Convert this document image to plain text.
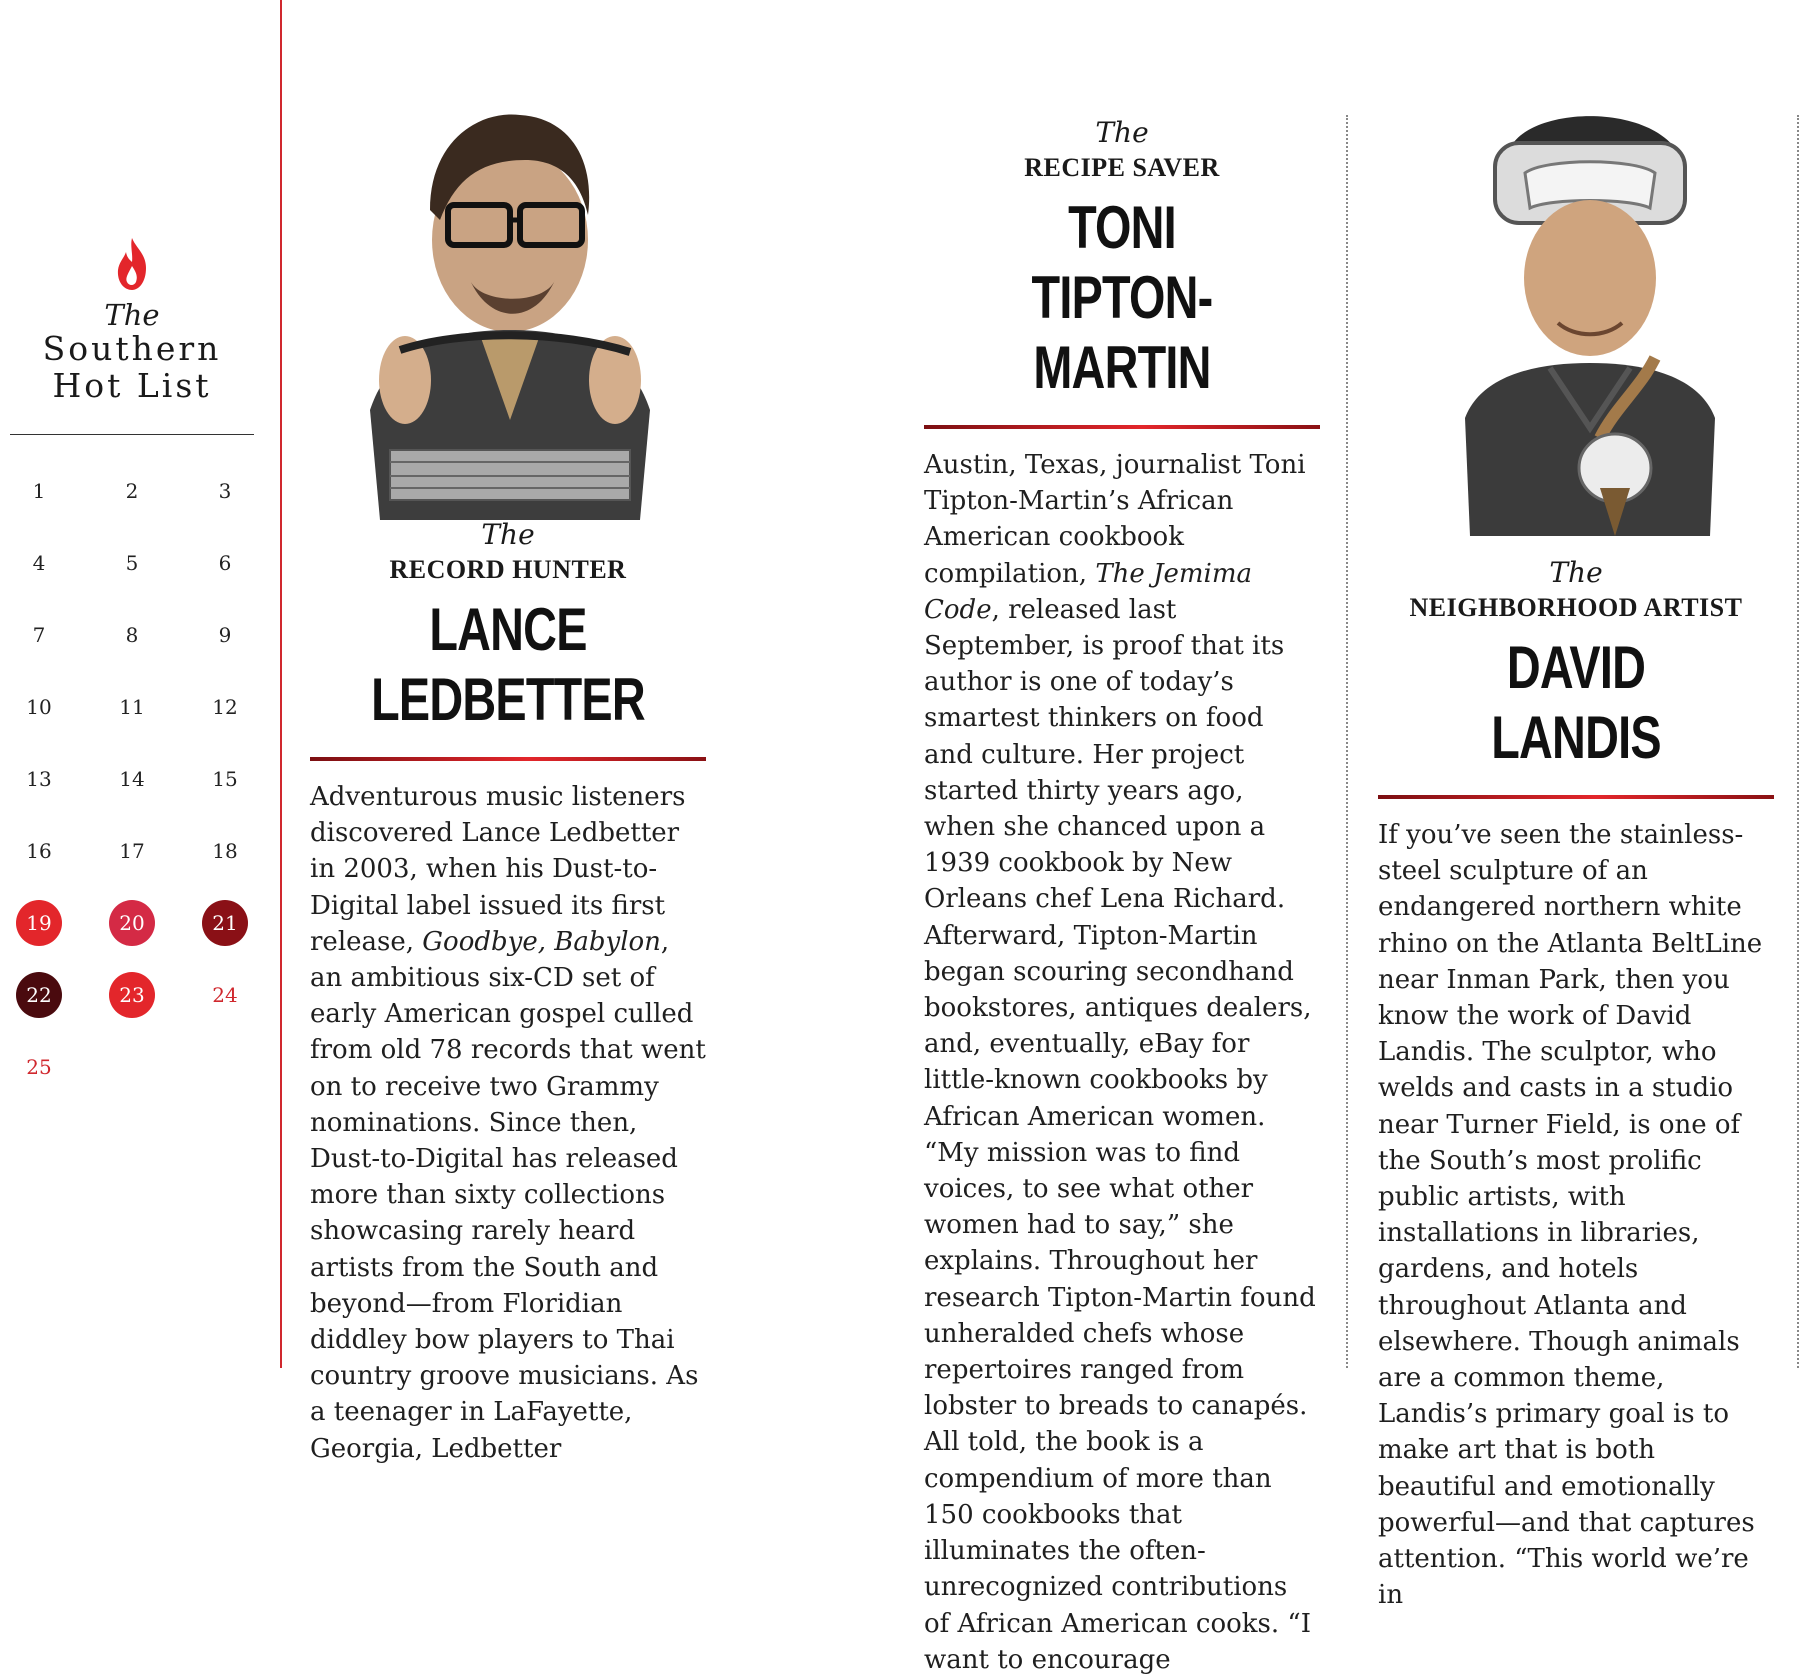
The
Southern
Hot List
1	2	3
4	5	6
7	8	9
10	11	12
13	14	15
16	17	18
19	20	21
22	23	24
25
The
RECORD HUNTER
LANCE
LEDBETTER

Adventurous music listeners discovered Lance Ledbetter in 2003, when his Dust-to-Digital label issued its first release, Goodbye, Babylon, an ambitious six-CD set of early American gospel culled from old 78 records that went on to receive two Grammy nominations. Since then, Dust-to-Digital has released more than sixty collections showcasing rarely heard artists from the South and beyond—from Floridian diddley bow players to Thai country groove musicians. As a teenager in LaFayette, Georgia, Ledbetter

The
RECIPE SAVER
TONI
TIPTON-MARTIN

Austin, Texas, journalist Toni Tipton-Martin’s African American cookbook compilation, The Jemima Code, released last September, is proof that its author is one of today’s smartest thinkers on food and culture. Her project started thirty years ago, when she chanced upon a 1939 cookbook by New Orleans chef Lena Richard. Afterward, Tipton-Martin began scouring secondhand bookstores, antiques dealers, and, eventually, eBay for little-known cookbooks by African American women. “My mission was to find voices, to see what other women had to say,” she explains. Throughout her research Tipton-Martin found unheralded chefs whose repertoires ranged from lobster to breads to canapés. All told, the book is a compendium of more than 150 cookbooks that illuminates the often-unrecognized contributions of African American cooks. “I want to encourage

The
NEIGHBORHOOD ARTIST
DAVID LANDIS

If you’ve seen the stainless-steel sculpture of an endangered northern white rhino on the Atlanta BeltLine near Inman Park, then you know the work of David Landis. The sculptor, who welds and casts in a studio near Turner Field, is one of the South’s most prolific public artists, with installations in libraries, gardens, and hotels throughout Atlanta and elsewhere. Though animals are a common theme, Landis’s primary goal is to make art that is both beautiful and emotionally powerful—and that captures attention. “This world we’re in
